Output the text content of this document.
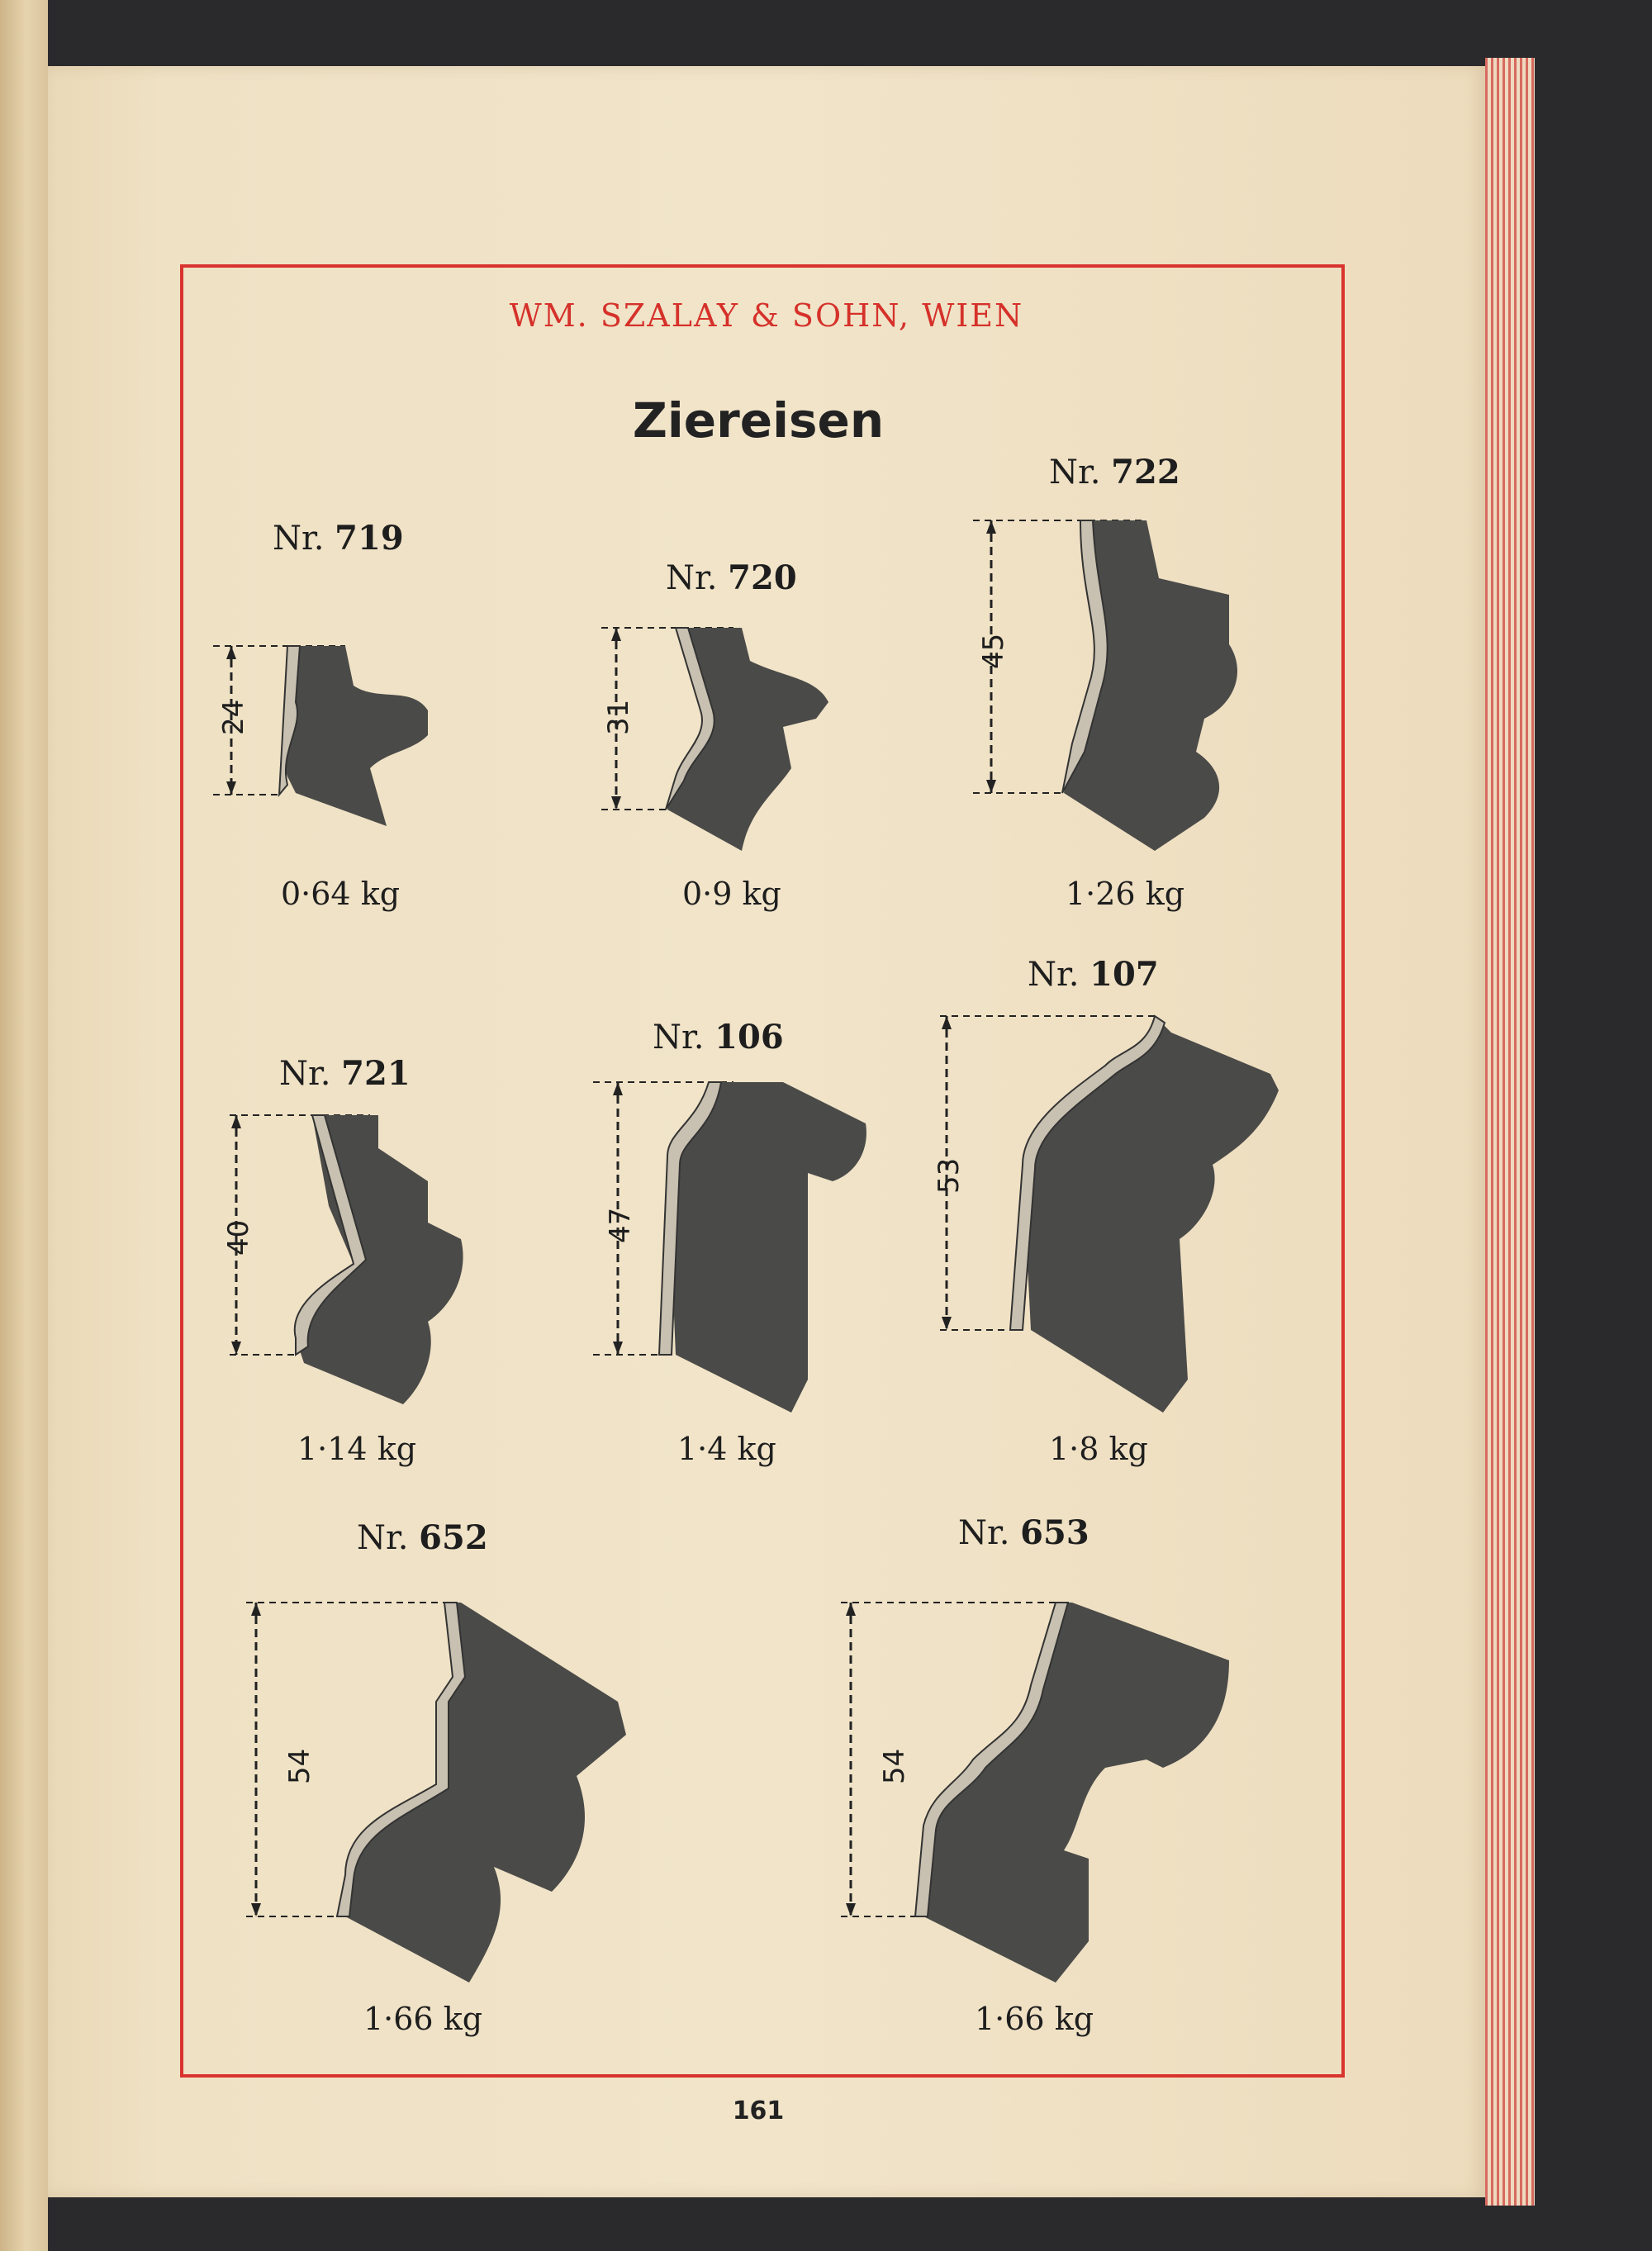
WM. SZALAY & SOHN, WIEN
Ziereisen
Nr. 719
24
0·64 kg
Nr. 720
31
0·9 kg
Nr. 722
45
1·26 kg
Nr. 721
40
1·14 kg
Nr. 106
47
1·4 kg
Nr. 107
53
1·8 kg
Nr. 652
54
1·66 kg
Nr. 653
54
1·66 kg
161
